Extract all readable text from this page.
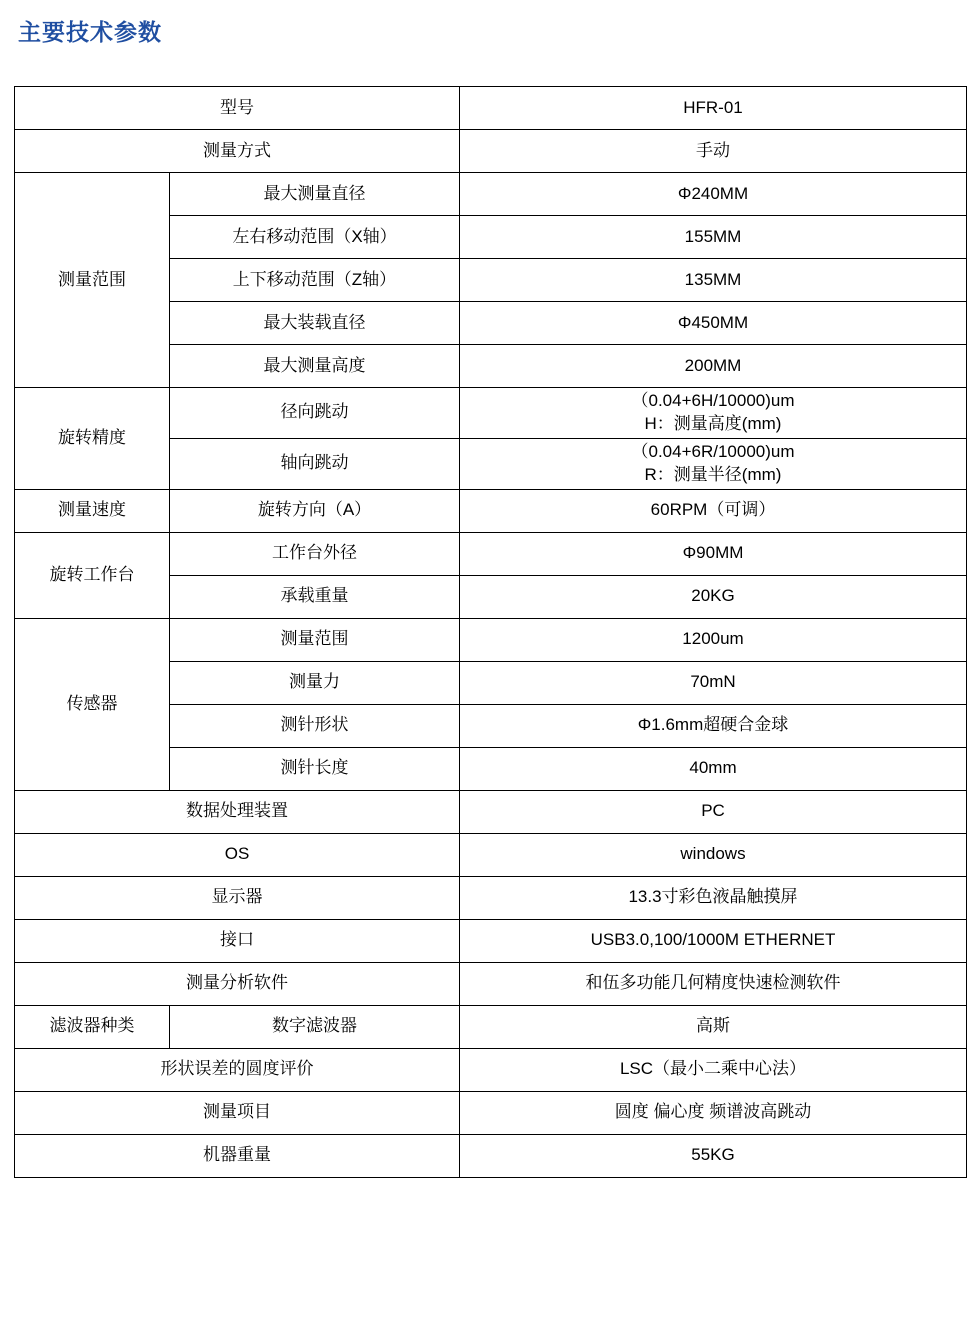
主要技术参数
型号		HFR-01
测量方式		手动
测量范围	最大测量直径	Φ240MM
	左右移动范围（X轴）	155MM
	上下移动范围（Z轴）	135MM
	最大装载直径	Φ450MM
	最大测量高度	200MM
旋转精度	径向跳动	（0.04+6H/10000)um
H：测量高度(mm)

	轴向跳动	（0.04+6R/10000)um
R：测量半径(mm)

测量速度	旋转方向（A）	60RPM（可调）
旋转工作台	工作台外径	Φ90MM
	承载重量	20KG
传感器	测量范围	1200um
	测量力	70mN
	测针形状	Φ1.6mm超硬合金球
	测针长度	40mm
数据处理装置		PC
OS		windows
显示器		13.3寸彩色液晶触摸屏
接口		USB3.0,100/1000M ETHERNET
测量分析软件		和伍多功能几何精度快速检测软件
滤波器种类	数字滤波器	高斯
形状误差的圆度评价		LSC（最小二乘中心法）
测量项目		圆度 偏心度 频谱波高跳动
机器重量		55KG
